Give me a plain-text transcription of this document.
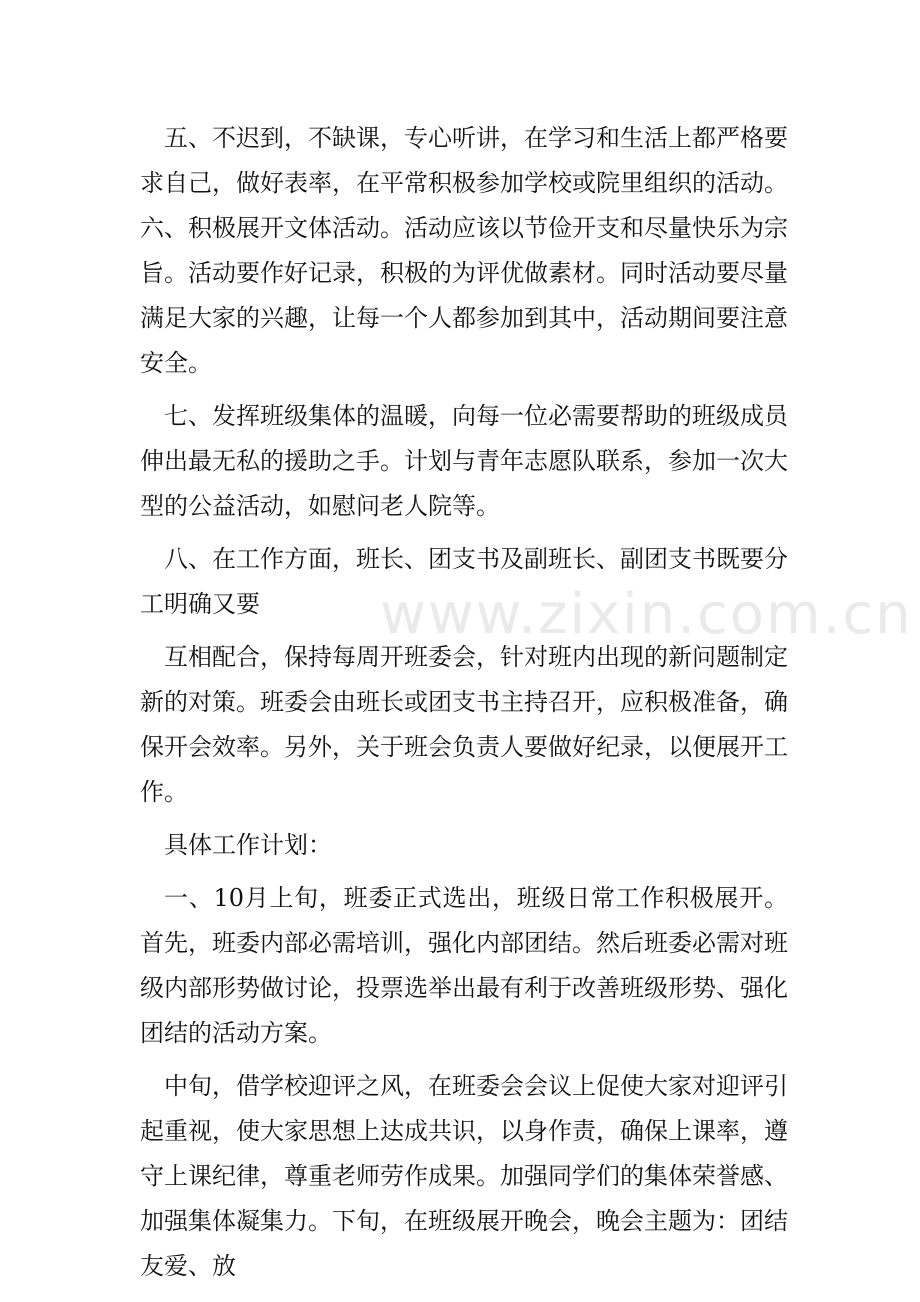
www.zixin.com.cn

五、不迟到，不缺课，专心听讲，在学习和生活上都严格要求自己，做好表率，在平常积极参加学校或院里组织的活动。六、积极展开文体活动。活动应该以节俭开支和尽量快乐为宗旨。活动要作好记录，积极的为评优做素材。同时活动要尽量满足大家的兴趣，让每一个人都参加到其中，活动期间要注意安全。

七、发挥班级集体的温暖，向每一位必需要帮助的班级成员伸出最无私的援助之手。计划与青年志愿队联系，参加一次大型的公益活动，如慰问老人院等。

八、在工作方面，班长、团支书及副班长、副团支书既要分工明确又要

互相配合，保持每周开班委会，针对班内出现的新问题制定新的对策。班委会由班长或团支书主持召开，应积极准备，确保开会效率。另外，关于班会负责人要做好纪录，以便展开工作。

具体工作计划：

一、10月上旬，班委正式选出，班级日常工作积极展开。首先，班委内部必需培训，强化内部团结。然后班委必需对班级内部形势做讨论，投票选举出最有利于改善班级形势、强化团结的活动方案。

中旬，借学校迎评之风，在班委会会议上促使大家对迎评引起重视，使大家思想上达成共识，以身作责，确保上课率，遵守上课纪律，尊重老师劳作成果。加强同学们的集体荣誉感、加强集体凝集力。下旬，在班级展开晚会，晚会主题为：团结友爱、放
